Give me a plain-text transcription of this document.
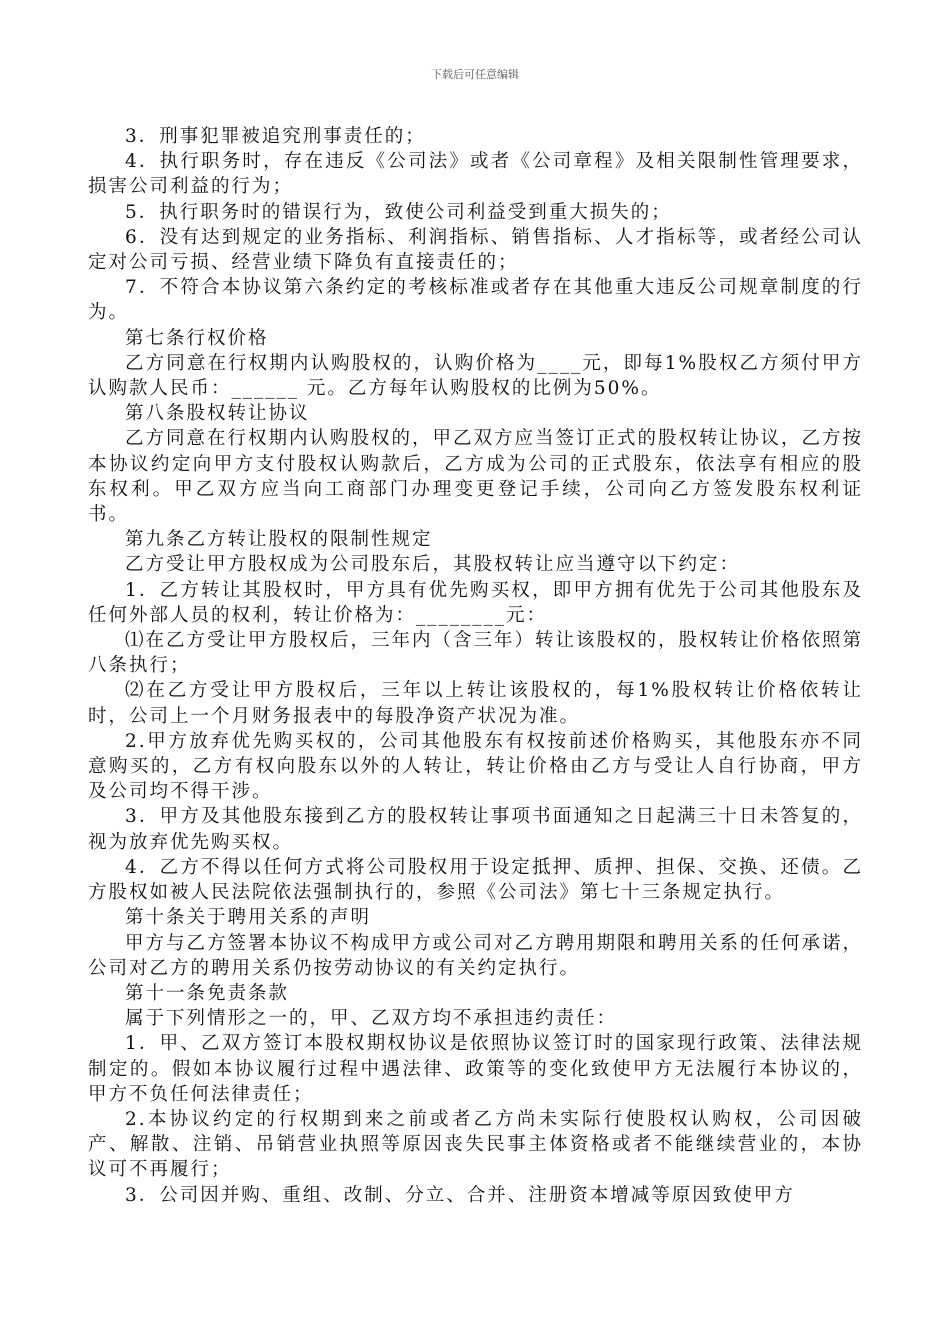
下载后可任意编辑

3．刑事犯罪被追究刑事责任的；

4．执行职务时，存在违反《公司法》或者《公司章程》及相关限制性管理要求，损害公司利益的行为；

5．执行职务时的错误行为，致使公司利益受到重大损失的；

6．没有达到规定的业务指标、利润指标、销售指标、人才指标等，或者经公司认定对公司亏损、经营业绩下降负有直接责任的；

7．不符合本协议第六条约定的考核标准或者存在其他重大违反公司规章制度的行为。

第七条行权价格

乙方同意在行权期内认购股权的，认购价格为____元，即每1%股权乙方须付甲方认购款人民币：______ 元。乙方每年认购股权的比例为50%。

第八条股权转让协议

乙方同意在行权期内认购股权的，甲乙双方应当签订正式的股权转让协议，乙方按本协议约定向甲方支付股权认购款后，乙方成为公司的正式股东，依法享有相应的股东权利。甲乙双方应当向工商部门办理变更登记手续，公司向乙方签发股东权利证书。

第九条乙方转让股权的限制性规定

乙方受让甲方股权成为公司股东后，其股权转让应当遵守以下约定：

1．乙方转让其股权时，甲方具有优先购买权，即甲方拥有优先于公司其他股东及任何外部人员的权利，转让价格为：________元：

⑴在乙方受让甲方股权后，三年内（含三年）转让该股权的，股权转让价格依照第八条执行；

⑵在乙方受让甲方股权后，三年以上转让该股权的，每1%股权转让价格依转让时，公司上一个月财务报表中的每股净资产状况为准。

2.甲方放弃优先购买权的，公司其他股东有权按前述价格购买，其他股东亦不同意购买的，乙方有权向股东以外的人转让，转让价格由乙方与受让人自行协商，甲方及公司均不得干涉。

3．甲方及其他股东接到乙方的股权转让事项书面通知之日起满三十日未答复的，视为放弃优先购买权。

4．乙方不得以任何方式将公司股权用于设定抵押、质押、担保、交换、还债。乙方股权如被人民法院依法强制执行的，参照《公司法》第七十三条规定执行。

第十条关于聘用关系的声明

甲方与乙方签署本协议不构成甲方或公司对乙方聘用期限和聘用关系的任何承诺，公司对乙方的聘用关系仍按劳动协议的有关约定执行。

第十一条免责条款

属于下列情形之一的，甲、乙双方均不承担违约责任：

1．甲、乙双方签订本股权期权协议是依照协议签订时的国家现行政策、法律法规制定的。假如本协议履行过程中遇法律、政策等的变化致使甲方无法履行本协议的，甲方不负任何法律责任；

2.本协议约定的行权期到来之前或者乙方尚未实际行使股权认购权，公司因破产、解散、注销、吊销营业执照等原因丧失民事主体资格或者不能继续营业的，本协议可不再履行；

3．公司因并购、重组、改制、分立、合并、注册资本增减等原因致使甲方
